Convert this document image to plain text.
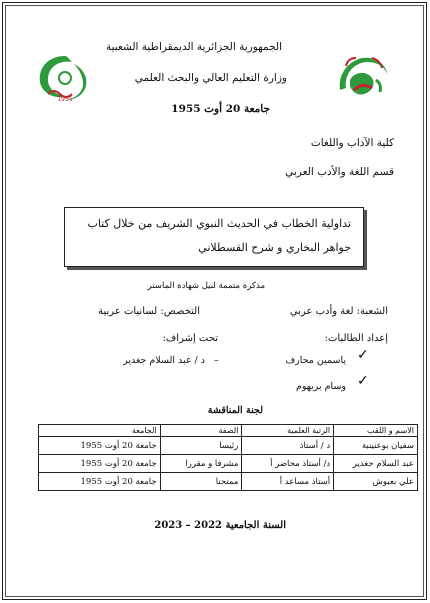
1955
الجمهورية الجزائرية الديمقراطية الشعبية
وزارة التعليم العالي والبحث العلمي
جامعة 20 أوت 1955
كلية الآداب واللغات
قسم اللغة والأدب العربي
تداولية الخطاب في الحديث النبوي الشريف من خلال كتاب
جواهر البخاري و شرح القسطلاني
مذكرة متممة لنيل شهادة الماستر
الشعبة: لغة وأدب عربي
التخصص: لسانيات عربية
إعداد الطالبات:
تحت إشراف:
✓
ياسمين محارف
د / عبد السلام جغدير –
✓
وسام بريهوم
لجنة المناقشة
الاسم و اللقب	الرتبة العلمية	الصفة	الجامعة
سفيان بوعنينبة	د / أستاذ	رئيسا	جامعة 20 أوت 1955
عبد السلام جغدير	د/ أستاذ محاضر أ	مشرفا و مقررا	جامعة 20 أوت 1955
علي بعبوش	أستاذ مساعد أ	ممتحنا	جامعة 20 أوت 1955
السنة الجامعية 2022 – 2023
